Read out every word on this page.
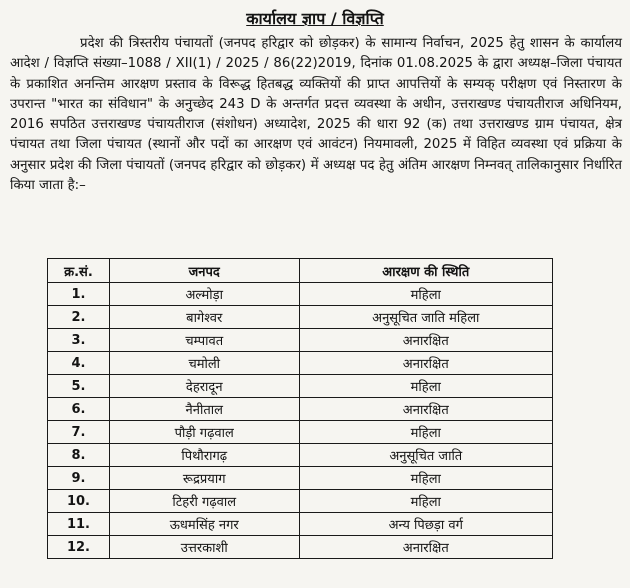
कार्यालय ज्ञाप / विज्ञप्ति
प्रदेश की त्रिस्तरीय पंचायतों (जनपद हरिद्वार को छोड़कर) के सामान्य निर्वाचन, 2025 हेतु शासन के कार्यालय आदेश / विज्ञप्ति संख्या–1088 / XII(1) / 2025 / 86(22)2019, दिनांक 01.08.2025 के द्वारा अध्यक्ष–जिला पंचायत के प्रकाशित अनन्तिम आरक्षण प्रस्ताव के विरूद्ध हितबद्ध व्यक्तियों की प्राप्त आपत्तियों के सम्यक् परीक्षण एवं निस्तारण के उपरान्त "भारत का संविधान" के अनुच्छेद 243 D के अन्तर्गत प्रदत्त व्यवस्था के अधीन, उत्तराखण्ड पंचायतीराज अधिनियम, 2016 सपठित उत्तराखण्ड पंचायतीराज (संशोधन) अध्यादेश, 2025 की धारा 92 (क) तथा उत्तराखण्ड ग्राम पंचायत, क्षेत्र पंचायत तथा जिला पंचायत (स्थानों और पदों का आरक्षण एवं आवंटन) नियमावली, 2025 में विहित व्यवस्था एवं प्रक्रिया के अनुसार प्रदेश की जिला पंचायतों (जनपद हरिद्वार को छोड़कर) में अध्यक्ष पद हेतु अंतिम आरक्षण निम्नवत् तालिकानुसार निर्धारित किया जाता है:–
क्र.सं.	जनपद	आरक्षण की स्थिति
1.	अल्मोड़ा	महिला
2.	बागेश्वर	अनुसूचित जाति महिला
3.	चम्पावत	अनारक्षित
4.	चमोली	अनारक्षित
5.	देहरादून	महिला
6.	नैनीताल	अनारक्षित
7.	पौड़ी गढ़वाल	महिला
8.	पिथौरागढ़	अनुसूचित जाति
9.	रूद्रप्रयाग	महिला
10.	टिहरी गढ़वाल	महिला
11.	ऊधमसिंह नगर	अन्य पिछड़ा वर्ग
12.	उत्तरकाशी	अनारक्षित
